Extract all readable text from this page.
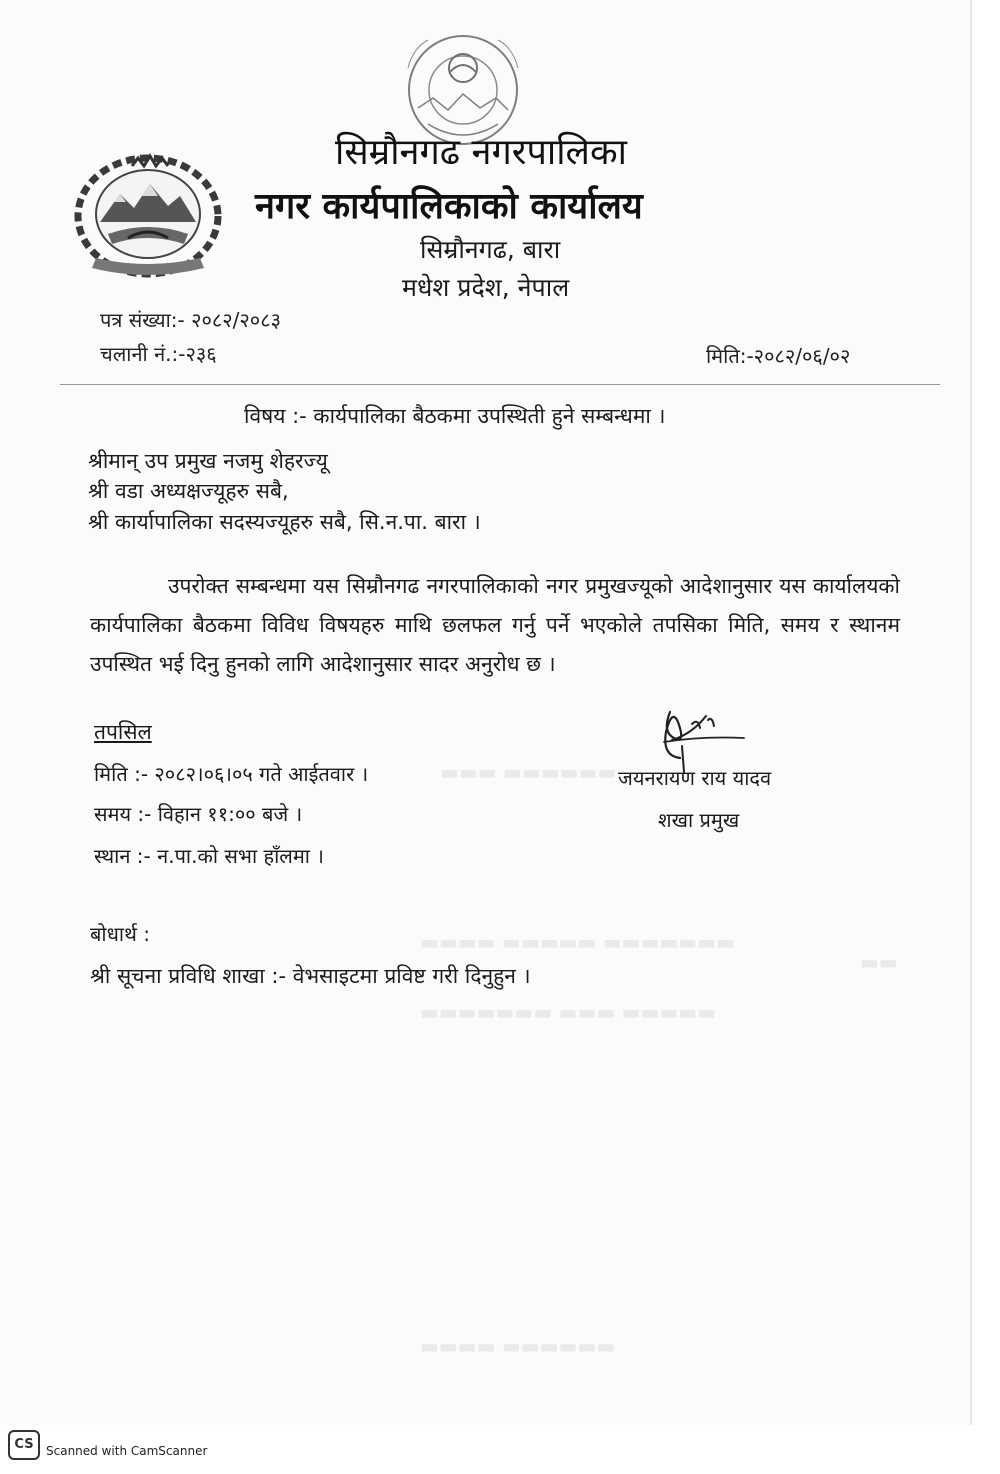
सिम्रौनगढ नगरपालिका
नगर कार्यपालिकाको कार्यालय
सिम्रौनगढ, बारा
मधेश प्रदेश, नेपाल
पत्र संख्या:- २०८२/२०८३
चलानी नं.:-२३६	मिति:-२०८२/०६/०२
विषय :- कार्यपालिका बैठकमा उपस्थिती हुने सम्बन्धमा ।
श्रीमान् उप प्रमुख नजमु शेहरज्यू
श्री वडा अध्यक्षज्यूहरु सबै,
श्री कार्यापालिका सदस्यज्यूहरु सबै, सि.न.पा. बारा ।
उपरोक्त सम्बन्धमा यस सिम्रौनगढ नगरपालिकाको नगर प्रमुखज्यूको आदेशानुसार यस कार्यालयको कार्यपालिका बैठकमा विविध विषयहरु माथि छलफल गर्नु पर्ने भएकोले तपसिका मिति, समय र स्थानम उपस्थित भई दिनु हुनको लागि आदेशानुसार सादर अनुरोध छ ।
तपसिल
मिति :- २०८२।०६।०५ गते आईतवार ।
समय :- विहान ११:०० बजे ।
स्थान :- न.पा.को सभा हाँलमा ।
जयनरायण राय यादव
शखा प्रमुख
बोधार्थ :
श्री सूचना प्रविधि शाखा :- वेभसाइटमा प्रविष्ट गरी दिनुहुन ।
▬▬▬ ▬▬▬▬▬▬
▬▬▬▬ ▬▬▬▬▬ ▬▬▬▬▬▬▬
▬▬
▬▬▬▬▬▬▬ ▬▬▬ ▬▬▬▬▬
▬▬▬▬ ▬▬▬▬▬▬
CS	Scanned with CamScanner
